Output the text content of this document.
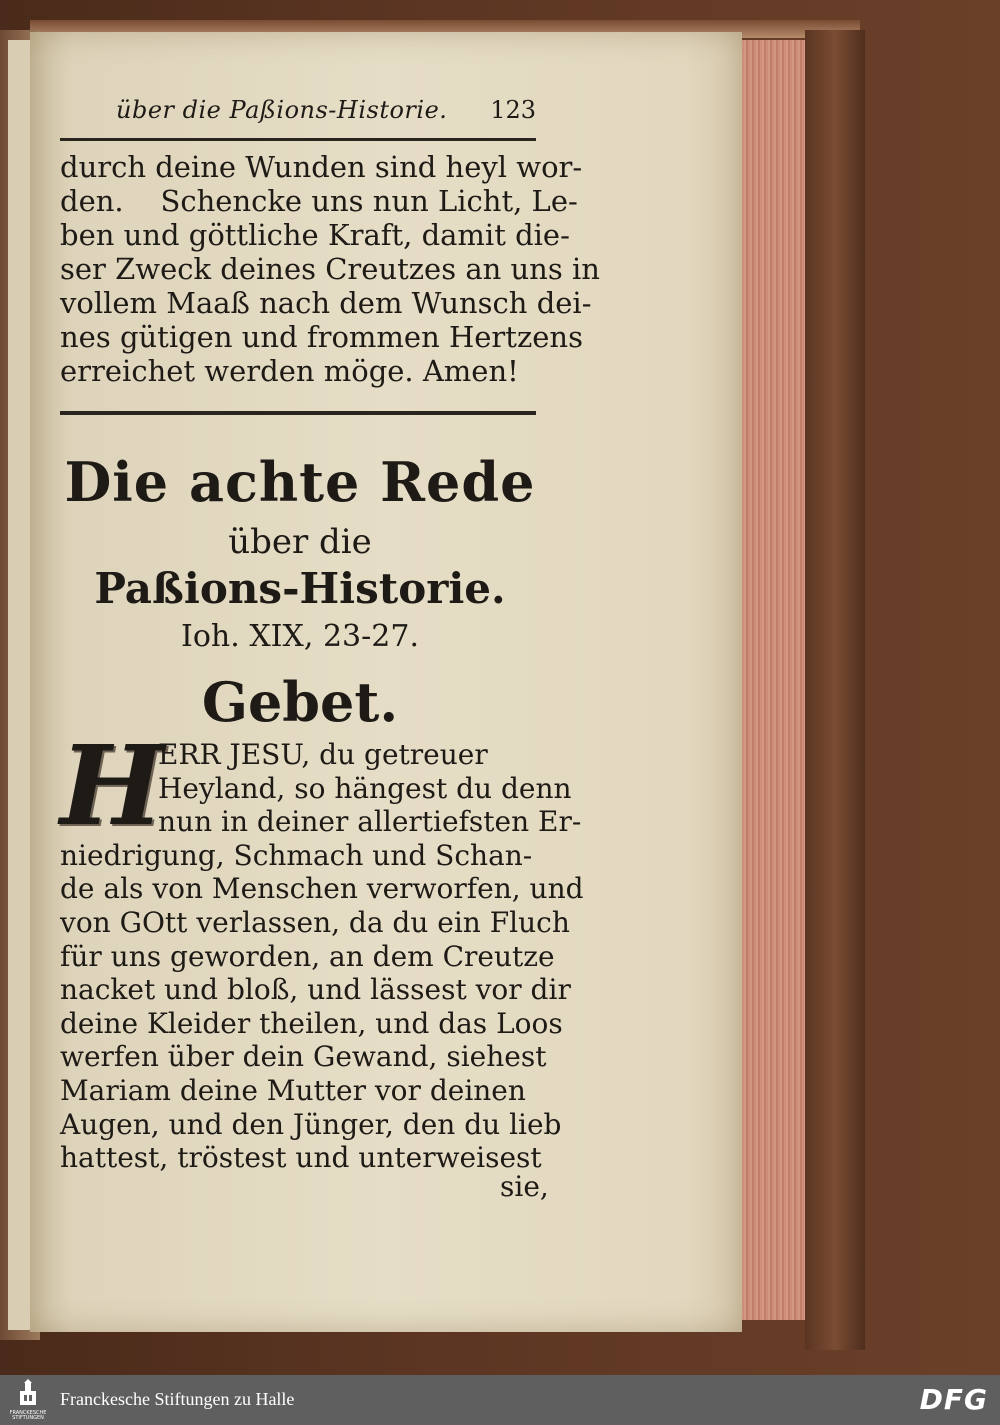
über die Paßions-Historie. 123
durch deine Wunden sind heyl wor-
den.    Schencke uns nun Licht, Le-
ben und göttliche Kraft, damit die-
ser Zweck deines Creutzes an uns in
vollem Maaß nach dem Wunsch dei-
nes gütigen und frommen Hertzens
erreichet werden möge. Amen!
Die achte Rede
über die
Paßions-Historie.
Ioh. XIX, 23-27.
Gebet.
H
ERR JESU, du getreuer
Heyland, so hängest du denn
nun in deiner allertiefsten Er-
niedrigung, Schmach und Schan-
de als von Menschen verworfen, und
von GOtt verlassen, da du ein Fluch
für uns geworden, an dem Creutze
nacket und bloß, und lässest vor dir
deine Kleider theilen, und das Loos
werfen über dein Gewand, siehest
Mariam deine Mutter vor deinen
Augen, und den Jünger, den du lieb
hattest, tröstest und unterweisest
sie,
FRANCKESCHE STIFTUNGEN
Franckesche Stiftungen zu Halle	DFG
